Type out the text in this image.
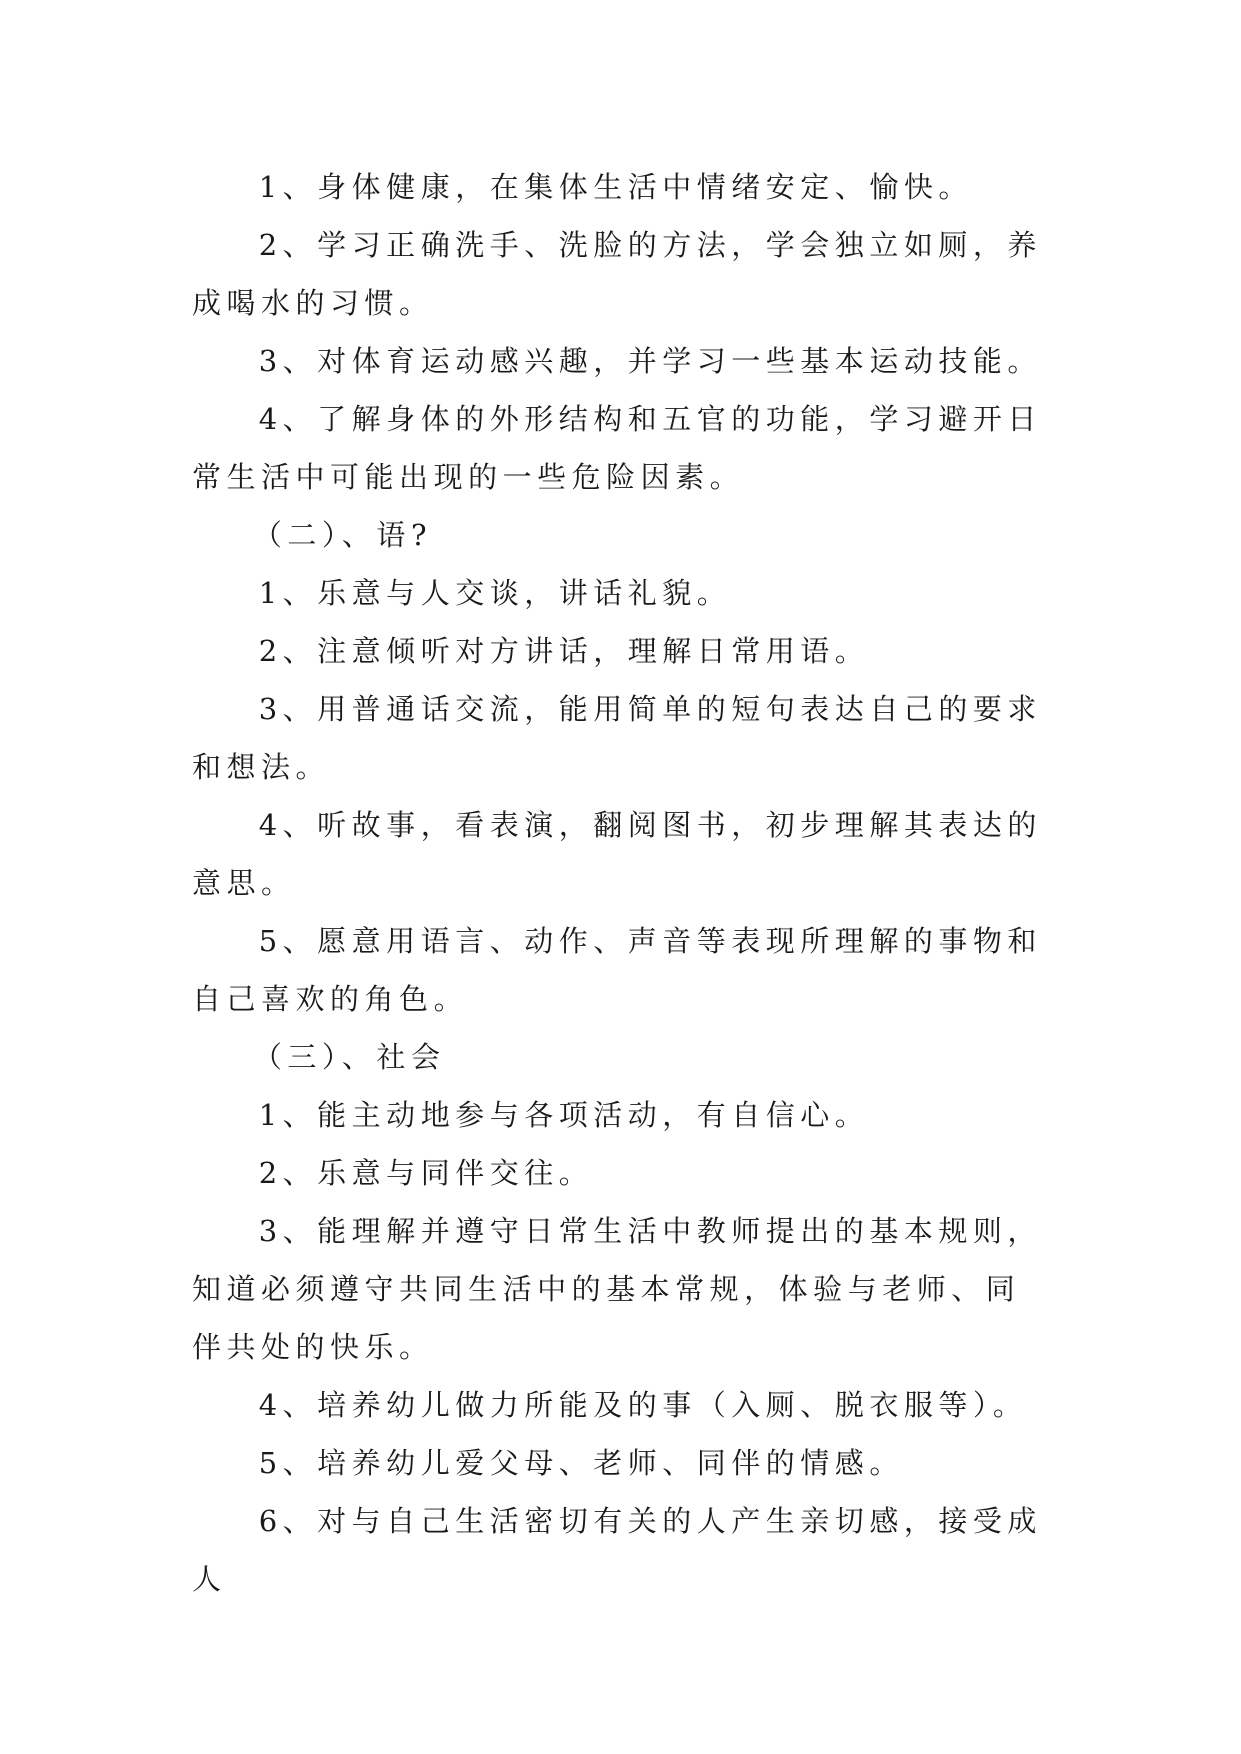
1、身体健康，在集体生活中情绪安定、愉快。

2、学习正确洗手、洗脸的方法，学会独立如厕，养成喝水的习惯。

3、对体育运动感兴趣，并学习一些基本运动技能。

4、了解身体的外形结构和五官的功能，学习避开日常生活中可能出现的一些危险因素。

（二）、语?

1、乐意与人交谈，讲话礼貌。

2、注意倾听对方讲话，理解日常用语。

3、用普通话交流，能用简单的短句表达自己的要求和想法。

4、听故事，看表演，翻阅图书，初步理解其表达的意思。

5、愿意用语言、动作、声音等表现所理解的事物和自己喜欢的角色。

（三）、社会

1、能主动地参与各项活动，有自信心。

2、乐意与同伴交往。

3、能理解并遵守日常生活中教师提出的基本规则，知道必须遵守共同生活中的基本常规，体验与老师、同伴共处的快乐。

4、培养幼儿做力所能及的事（入厕、脱衣服等）。

5、培养幼儿爱父母、老师、同伴的情感。

6、对与自己生活密切有关的人产生亲切感，接受成人
